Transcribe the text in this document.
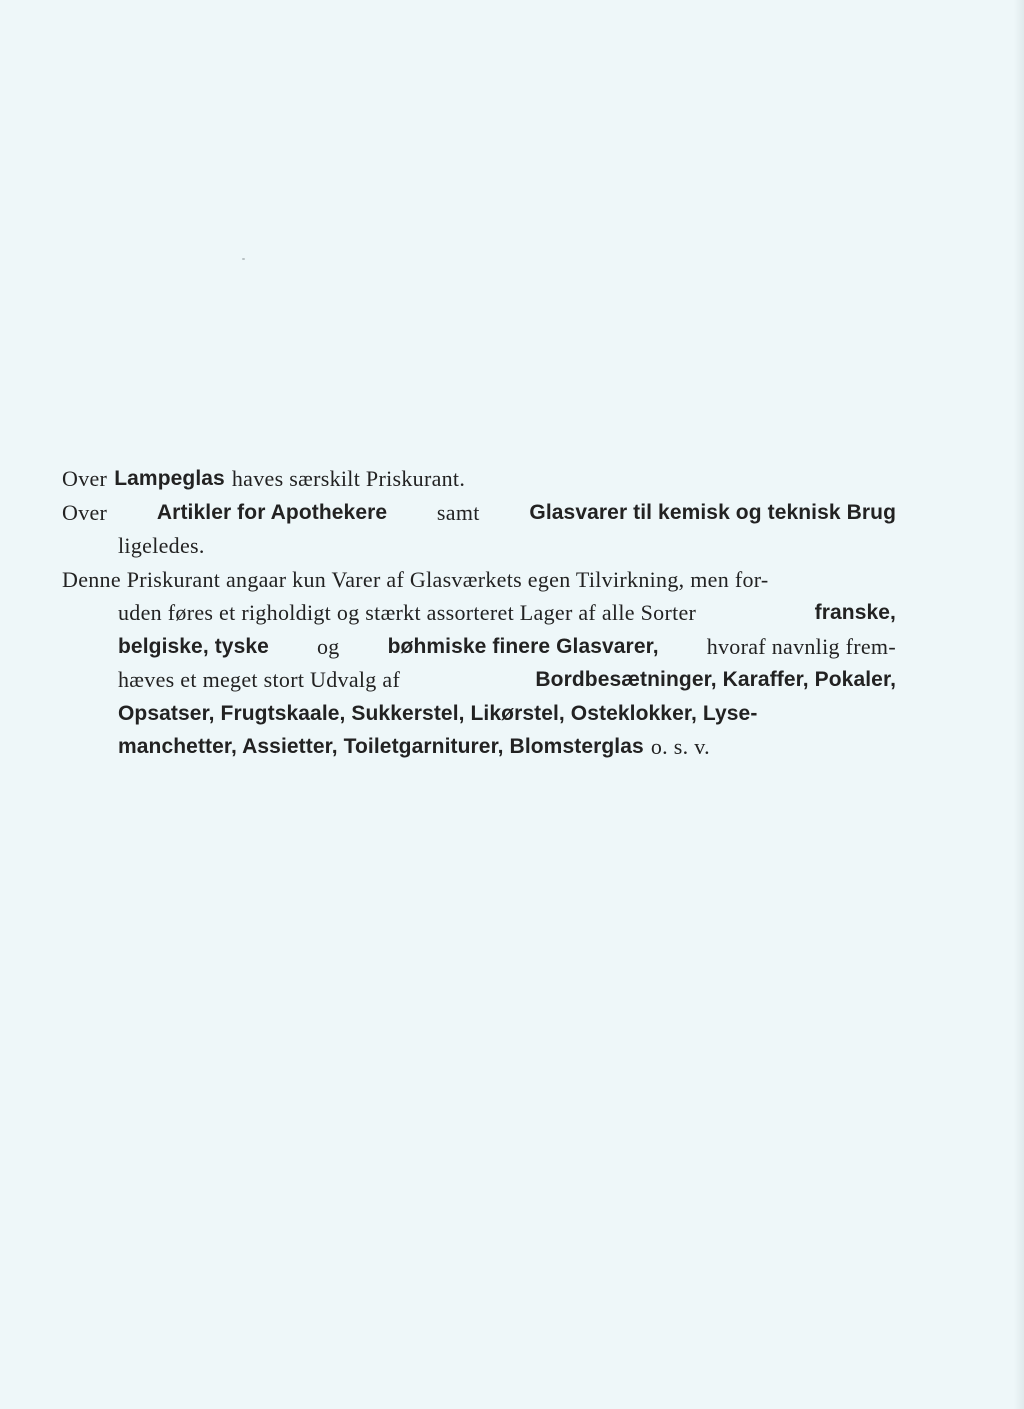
Over Lampeglas haves særskilt Priskurant.
Over Artikler for Apothekere samt Glasvarer til kemisk og teknisk Brug
ligeledes.
Denne Priskurant angaar kun Varer af Glasværkets egen Tilvirkning, men for-
uden føres et righoldigt og stærkt assorteret Lager af alle Sorter	franske,
belgiske, tyske og bøhmiske finere Glasvarer, hvoraf navnlig frem-
hæves et meget stort Udvalg af	Bordbesætninger, Karaffer, Pokaler,
Opsatser, Frugtskaale, Sukkerstel, Likørstel, Osteklokker, Lyse-
manchetter, Assietter, Toiletgarniturer, Blomsterglas o. s. v.
